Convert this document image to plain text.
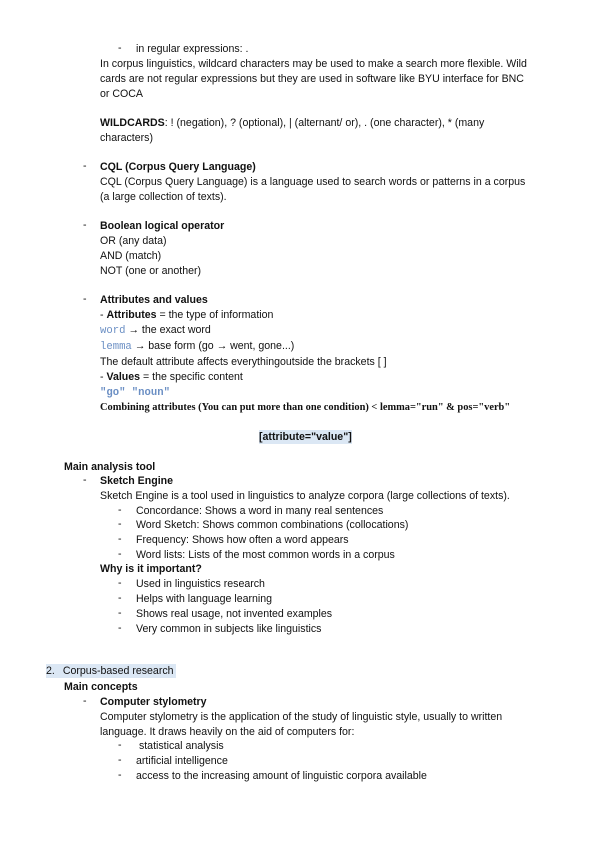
- in regular expressions: .
In corpus linguistics, wildcard characters may be used to make a search more flexible. Wild
cards are not regular expressions but they are used in software like BYU interface for BNC
or COCA
WILDCARDS: ! (negation), ? (optional), | (alternant/ or), . (one character), * (many
characters)
- CQL (Corpus Query Language)
CQL (Corpus Query Language) is a language used to search words or patterns in a corpus
(a large collection of texts).
- Boolean logical operator
OR (any data)
AND (match)
NOT (one or another)
- Attributes and values
- Attributes = the type of information
word → the exact word
lemma → base form (go → went, gone...)
The default attribute affects everythingoutside the brackets [ ]
- Values = the specific content
"go" "noun"
Combining attributes (You can put more than one condition) < lemma="run" & pos="verb"
[attribute="value"]
Main analysis tool
- Sketch Engine
Sketch Engine is a tool used in linguistics to analyze corpora (large collections of texts).
- Concordance: Shows a word in many real sentences
- Word Sketch: Shows common combinations (collocations)
- Frequency: Shows how often a word appears
- Word lists: Lists of the most common words in a corpus
Why is it important?
- Used in linguistics research
- Helps with language learning
- Shows real usage, not invented examples
- Very common in subjects like linguistics
2. Corpus-based research
Main concepts
- Computer stylometry
Computer stylometry is the application of the study of linguistic style, usually to written
language. It draws heavily on the aid of computers for:
- statistical analysis
- artificial intelligence
- access to the increasing amount of linguistic corpora available
